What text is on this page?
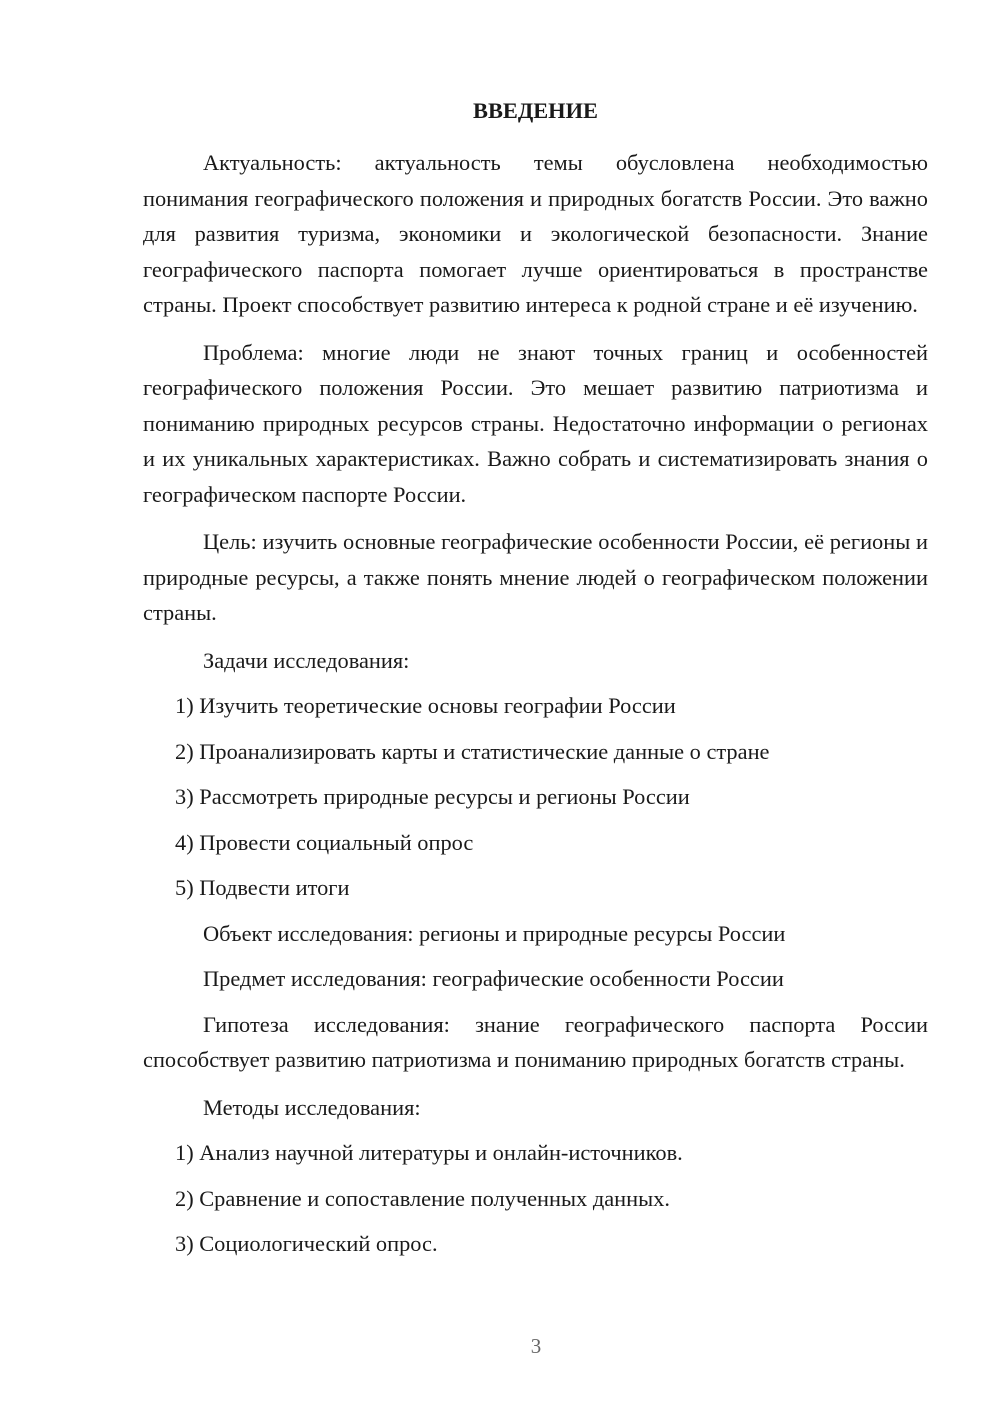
ВВЕДЕНИЕ

Актуальность: актуальность темы обусловлена необходимостью понимания географического положения и природных богатств России. Это важно для развития туризма, экономики и экологической безопасности. Знание географического паспорта помогает лучше ориентироваться в пространстве страны. Проект способствует развитию интереса к родной стране и её изучению.

Проблема: многие люди не знают точных границ и особенностей географического положения России. Это мешает развитию патриотизма и пониманию природных ресурсов страны. Недостаточно информации о регионах и их уникальных характеристиках. Важно собрать и систематизировать знания о географическом паспорте России.

Цель: изучить основные географические особенности России, её регионы и природные ресурсы, а также понять мнение людей о географическом положении страны.

Задачи исследования:

1) Изучить теоретические основы географии России

2) Проанализировать карты и статистические данные о стране

3) Рассмотреть природные ресурсы и регионы России

4) Провести социальный опрос

5) Подвести итоги

Объект исследования: регионы и природные ресурсы России

Предмет исследования: географические особенности России

Гипотеза исследования: знание географического паспорта России способствует развитию патриотизма и пониманию природных богатств страны.

Методы исследования:

1) Анализ научной литературы и онлайн-источников.

2) Сравнение и сопоставление полученных данных.

3) Социологический опрос.

3
